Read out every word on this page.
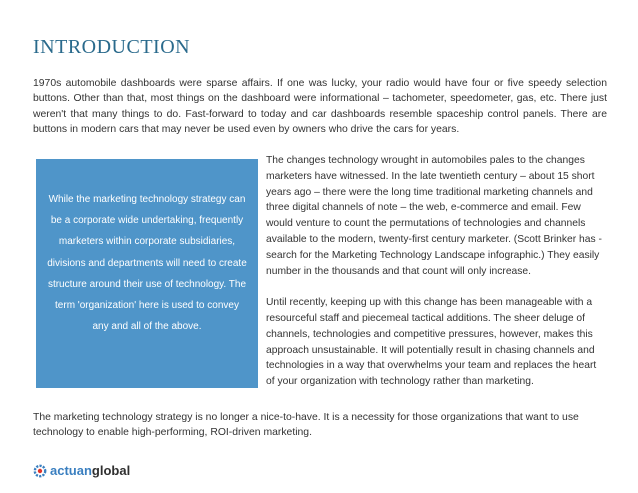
INTRODUCTION

1970s automobile dashboards were sparse affairs. If one was lucky, your radio would have four or five speedy selection buttons. Other than that, most things on the dashboard were informational – tachometer, speedometer, gas, etc. There just weren't that many things to do. Fast-forward to today and car dashboards resemble spaceship control panels. There are buttons in modern cars that may never be used even by owners who drive the cars for years.

While the marketing technology strategy can be a corporate wide undertaking, frequently marketers within corporate subsidiaries, divisions and departments will need to create structure around their use of technology. The term 'organization' here is used to convey any and all of the above.

The changes technology wrought in automobiles pales to the changes marketers have witnessed. In the late twentieth century – about 15 short years ago – there were the long time traditional marketing channels and three digital channels of note – the web, e-commerce and email. Few would venture to count the permutations of technologies and channels available to the modern, twenty-first century marketer. (Scott Brinker has - search for the Marketing Technology Landscape infographic.) They easily number in the thousands and that count will only increase.

Until recently, keeping up with this change has been manageable with a resourceful staff and piecemeal tactical additions. The sheer deluge of channels, technologies and competitive pressures, however, makes this approach unsustainable. It will potentially result in chasing channels and technologies in a way that overwhelms your team and replaces the heart of your organization with technology rather than marketing.

The marketing technology strategy is no longer a nice-to-have. It is a necessity for those organizations that want to use technology to enable high-performing, ROI-driven marketing.

actuan global
